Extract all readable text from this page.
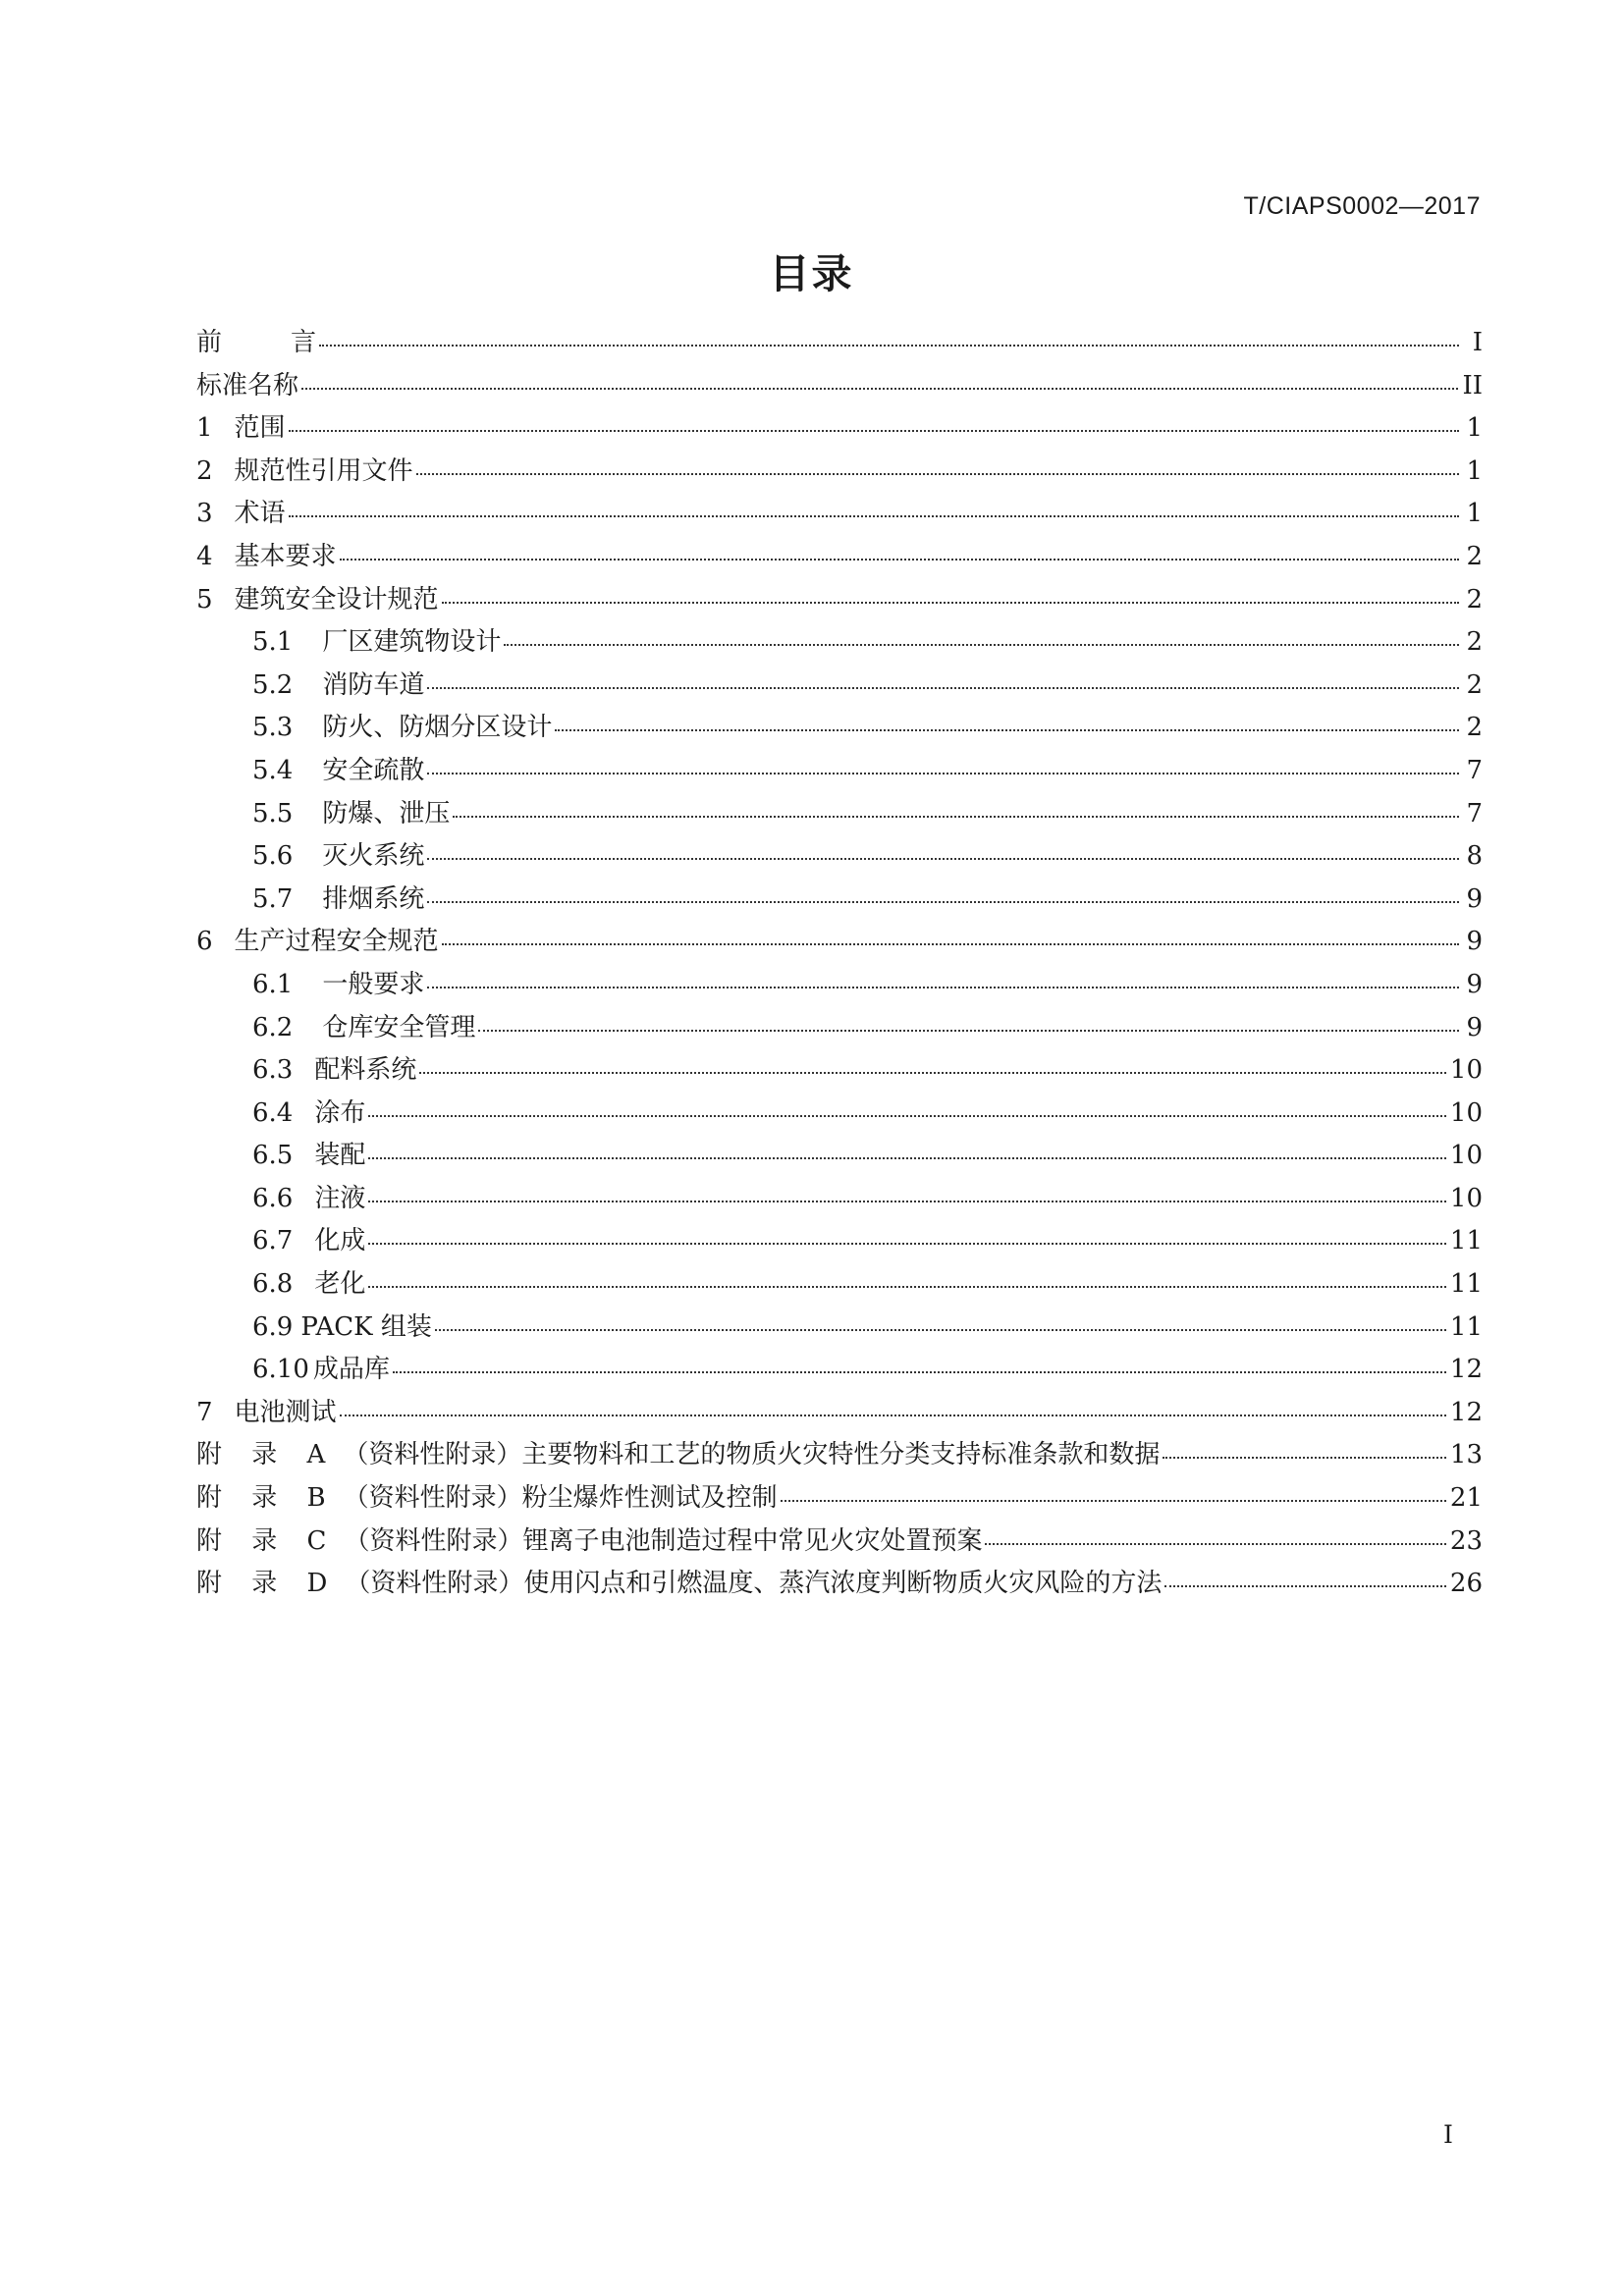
T/CIAPS0002—2017
目录
前	言	I
标准名称	II
1 范围	1
2 规范性引用文件	1
3 术语	1
4 基本要求	2
5 建筑安全设计规范	2
5.1 厂区建筑物设计	2
5.2 消防车道	2
5.3 防火、防烟分区设计	2
5.4 安全疏散	7
5.5 防爆、泄压	7
5.6 灭火系统	8
5.7 排烟系统	9
6 生产过程安全规范	9
6.1 一般要求	9
6.2 仓库安全管理	9
6.3 配料系统	10
6.4 涂布	10
6.5 装配	10
6.6 注液	10
6.7 化成	11
6.8 老化	11
6.9 PACK 组装	11
6.10 成品库	12
7 电池测试	12
附 录 A （资料性附录）主要物料和工艺的物质火灾特性分类支持标准条款和数据	13
附 录 B （资料性附录）粉尘爆炸性测试及控制	21
附 录 C （资料性附录）锂离子电池制造过程中常见火灾处置预案	23
附 录 D （资料性附录）使用闪点和引燃温度、蒸汽浓度判断物质火灾风险的方法	26
I
